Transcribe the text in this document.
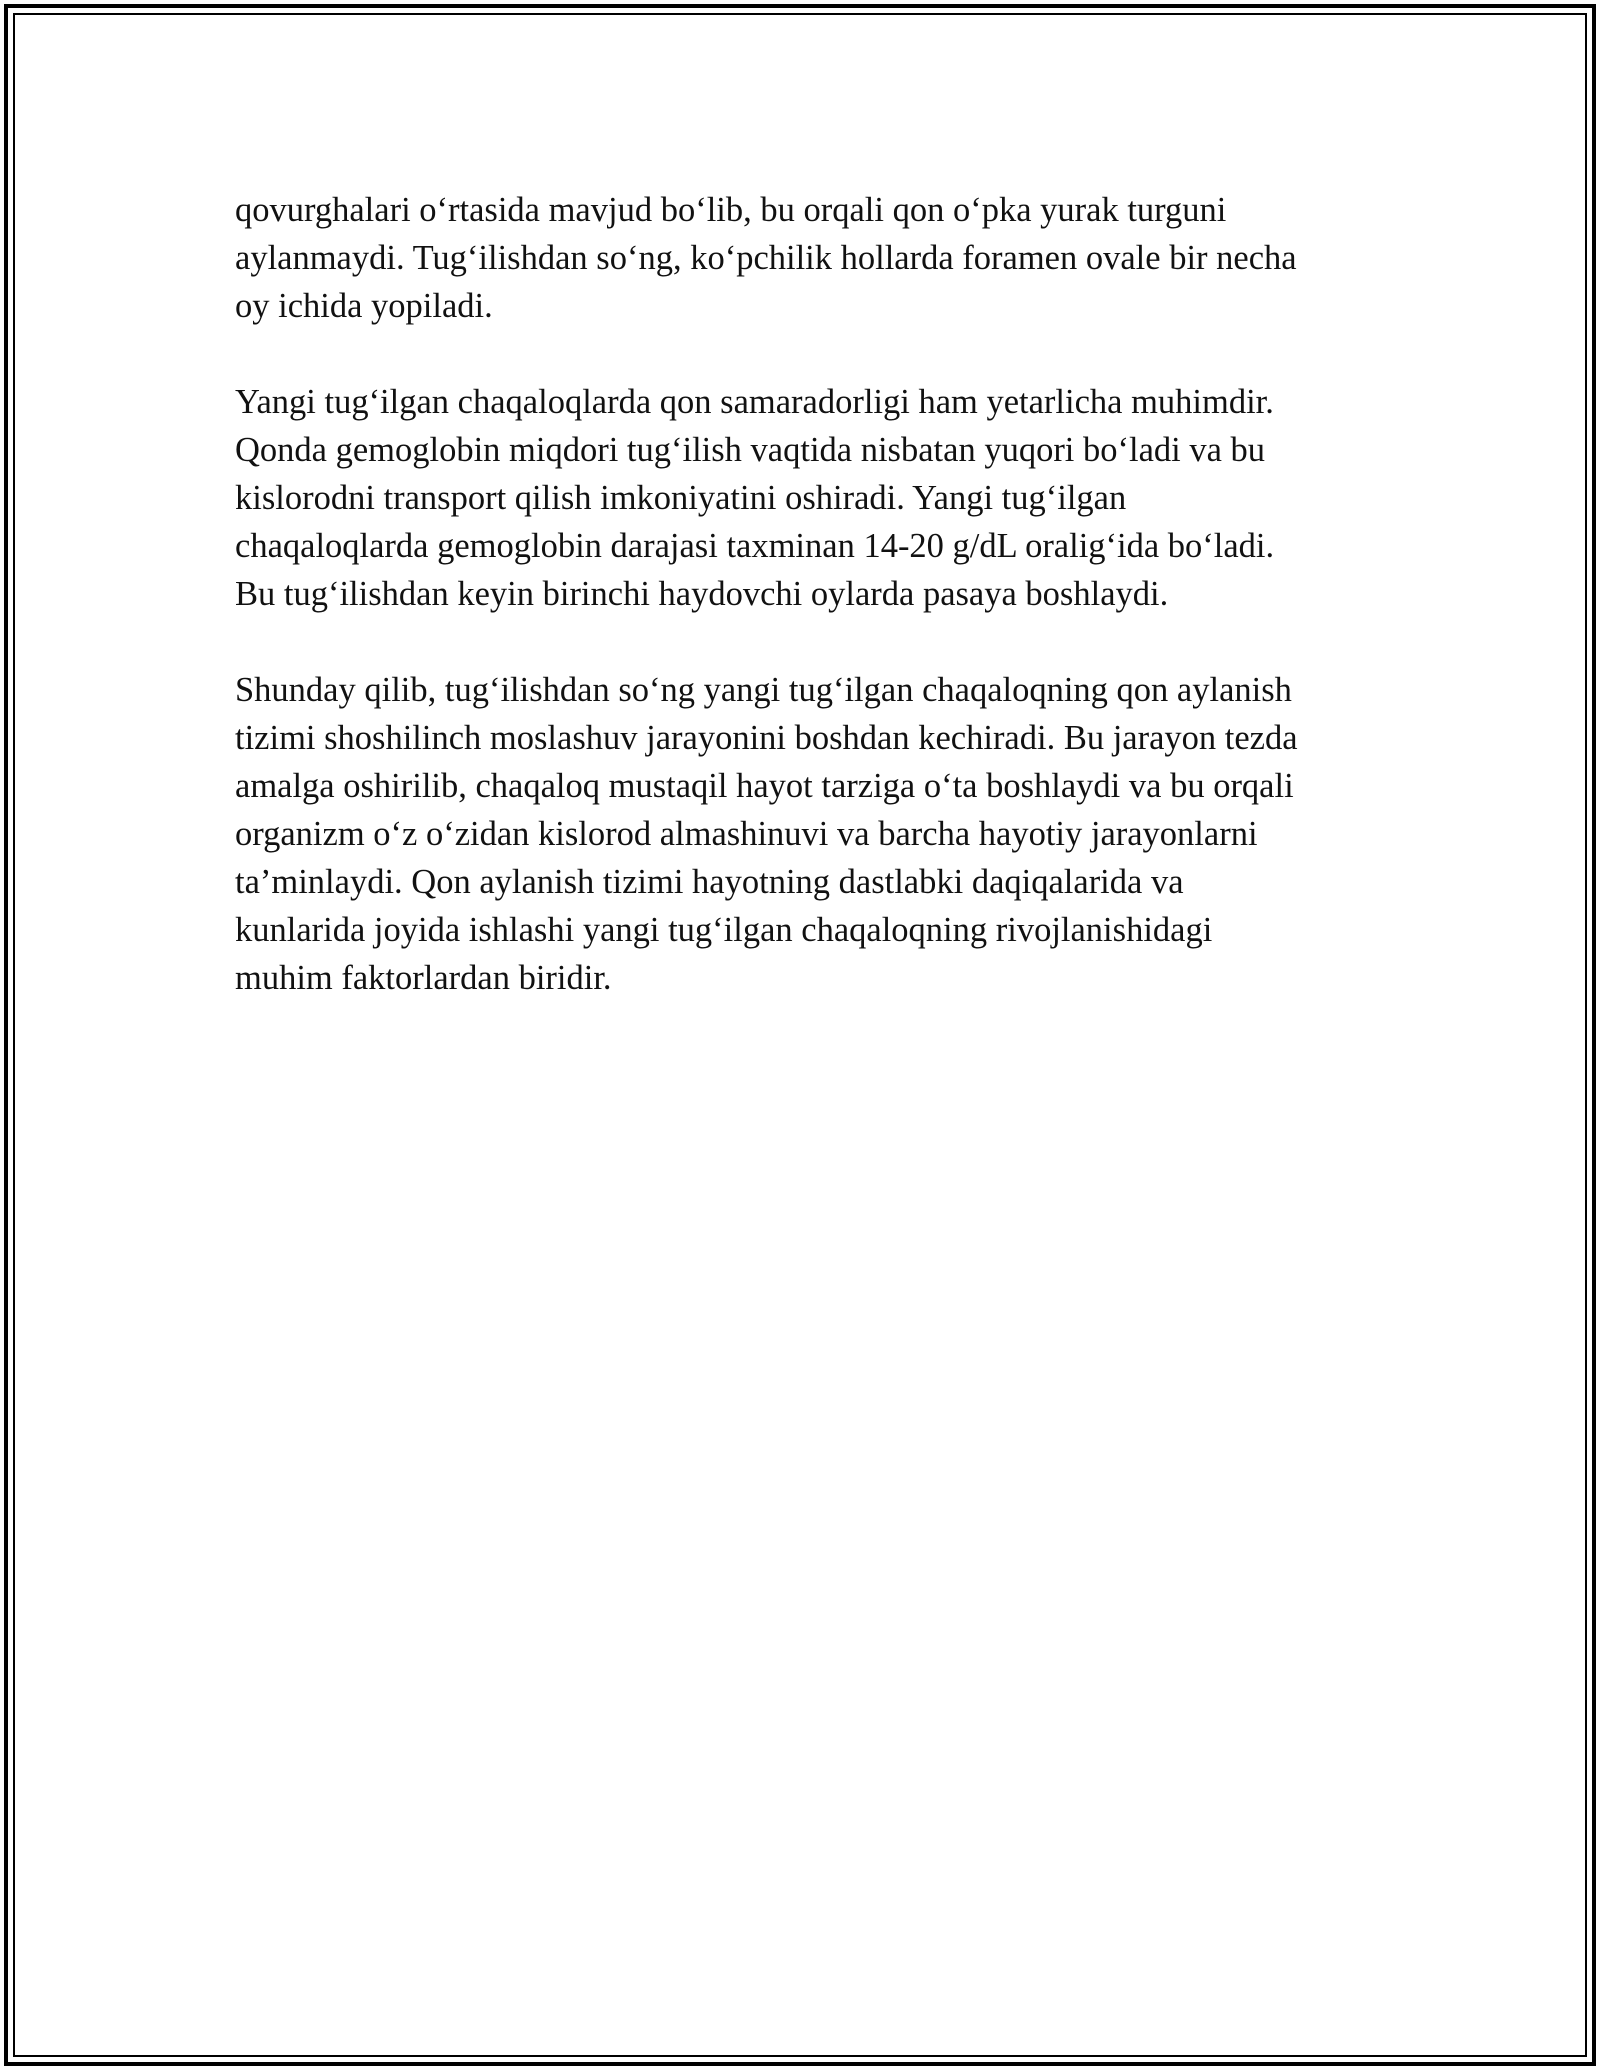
qovurghalari o‘rtasida mavjud bo‘lib, bu orqali qon o‘pka yurak turguni
aylanmaydi. Tug‘ilishdan so‘ng, ko‘pchilik hollarda foramen ovale bir necha
oy ichida yopiladi.

Yangi tug‘ilgan chaqaloqlarda qon samaradorligi ham yetarlicha muhimdir.
Qonda gemoglobin miqdori tug‘ilish vaqtida nisbatan yuqori bo‘ladi va bu
kislorodni transport qilish imkoniyatini oshiradi. Yangi tug‘ilgan
chaqaloqlarda gemoglobin darajasi taxminan 14-20 g/dL oralig‘ida bo‘ladi.
Bu tug‘ilishdan keyin birinchi haydovchi oylarda pasaya boshlaydi.

Shunday qilib, tug‘ilishdan so‘ng yangi tug‘ilgan chaqaloqning qon aylanish
tizimi shoshilinch moslashuv jarayonini boshdan kechiradi. Bu jarayon tezda
amalga oshirilib, chaqaloq mustaqil hayot tarziga o‘ta boshlaydi va bu orqali
organizm o‘z o‘zidan kislorod almashinuvi va barcha hayotiy jarayonlarni
ta’minlaydi. Qon aylanish tizimi hayotning dastlabki daqiqalarida va
kunlarida joyida ishlashi yangi tug‘ilgan chaqaloqning rivojlanishidagi
muhim faktorlardan biridir.
